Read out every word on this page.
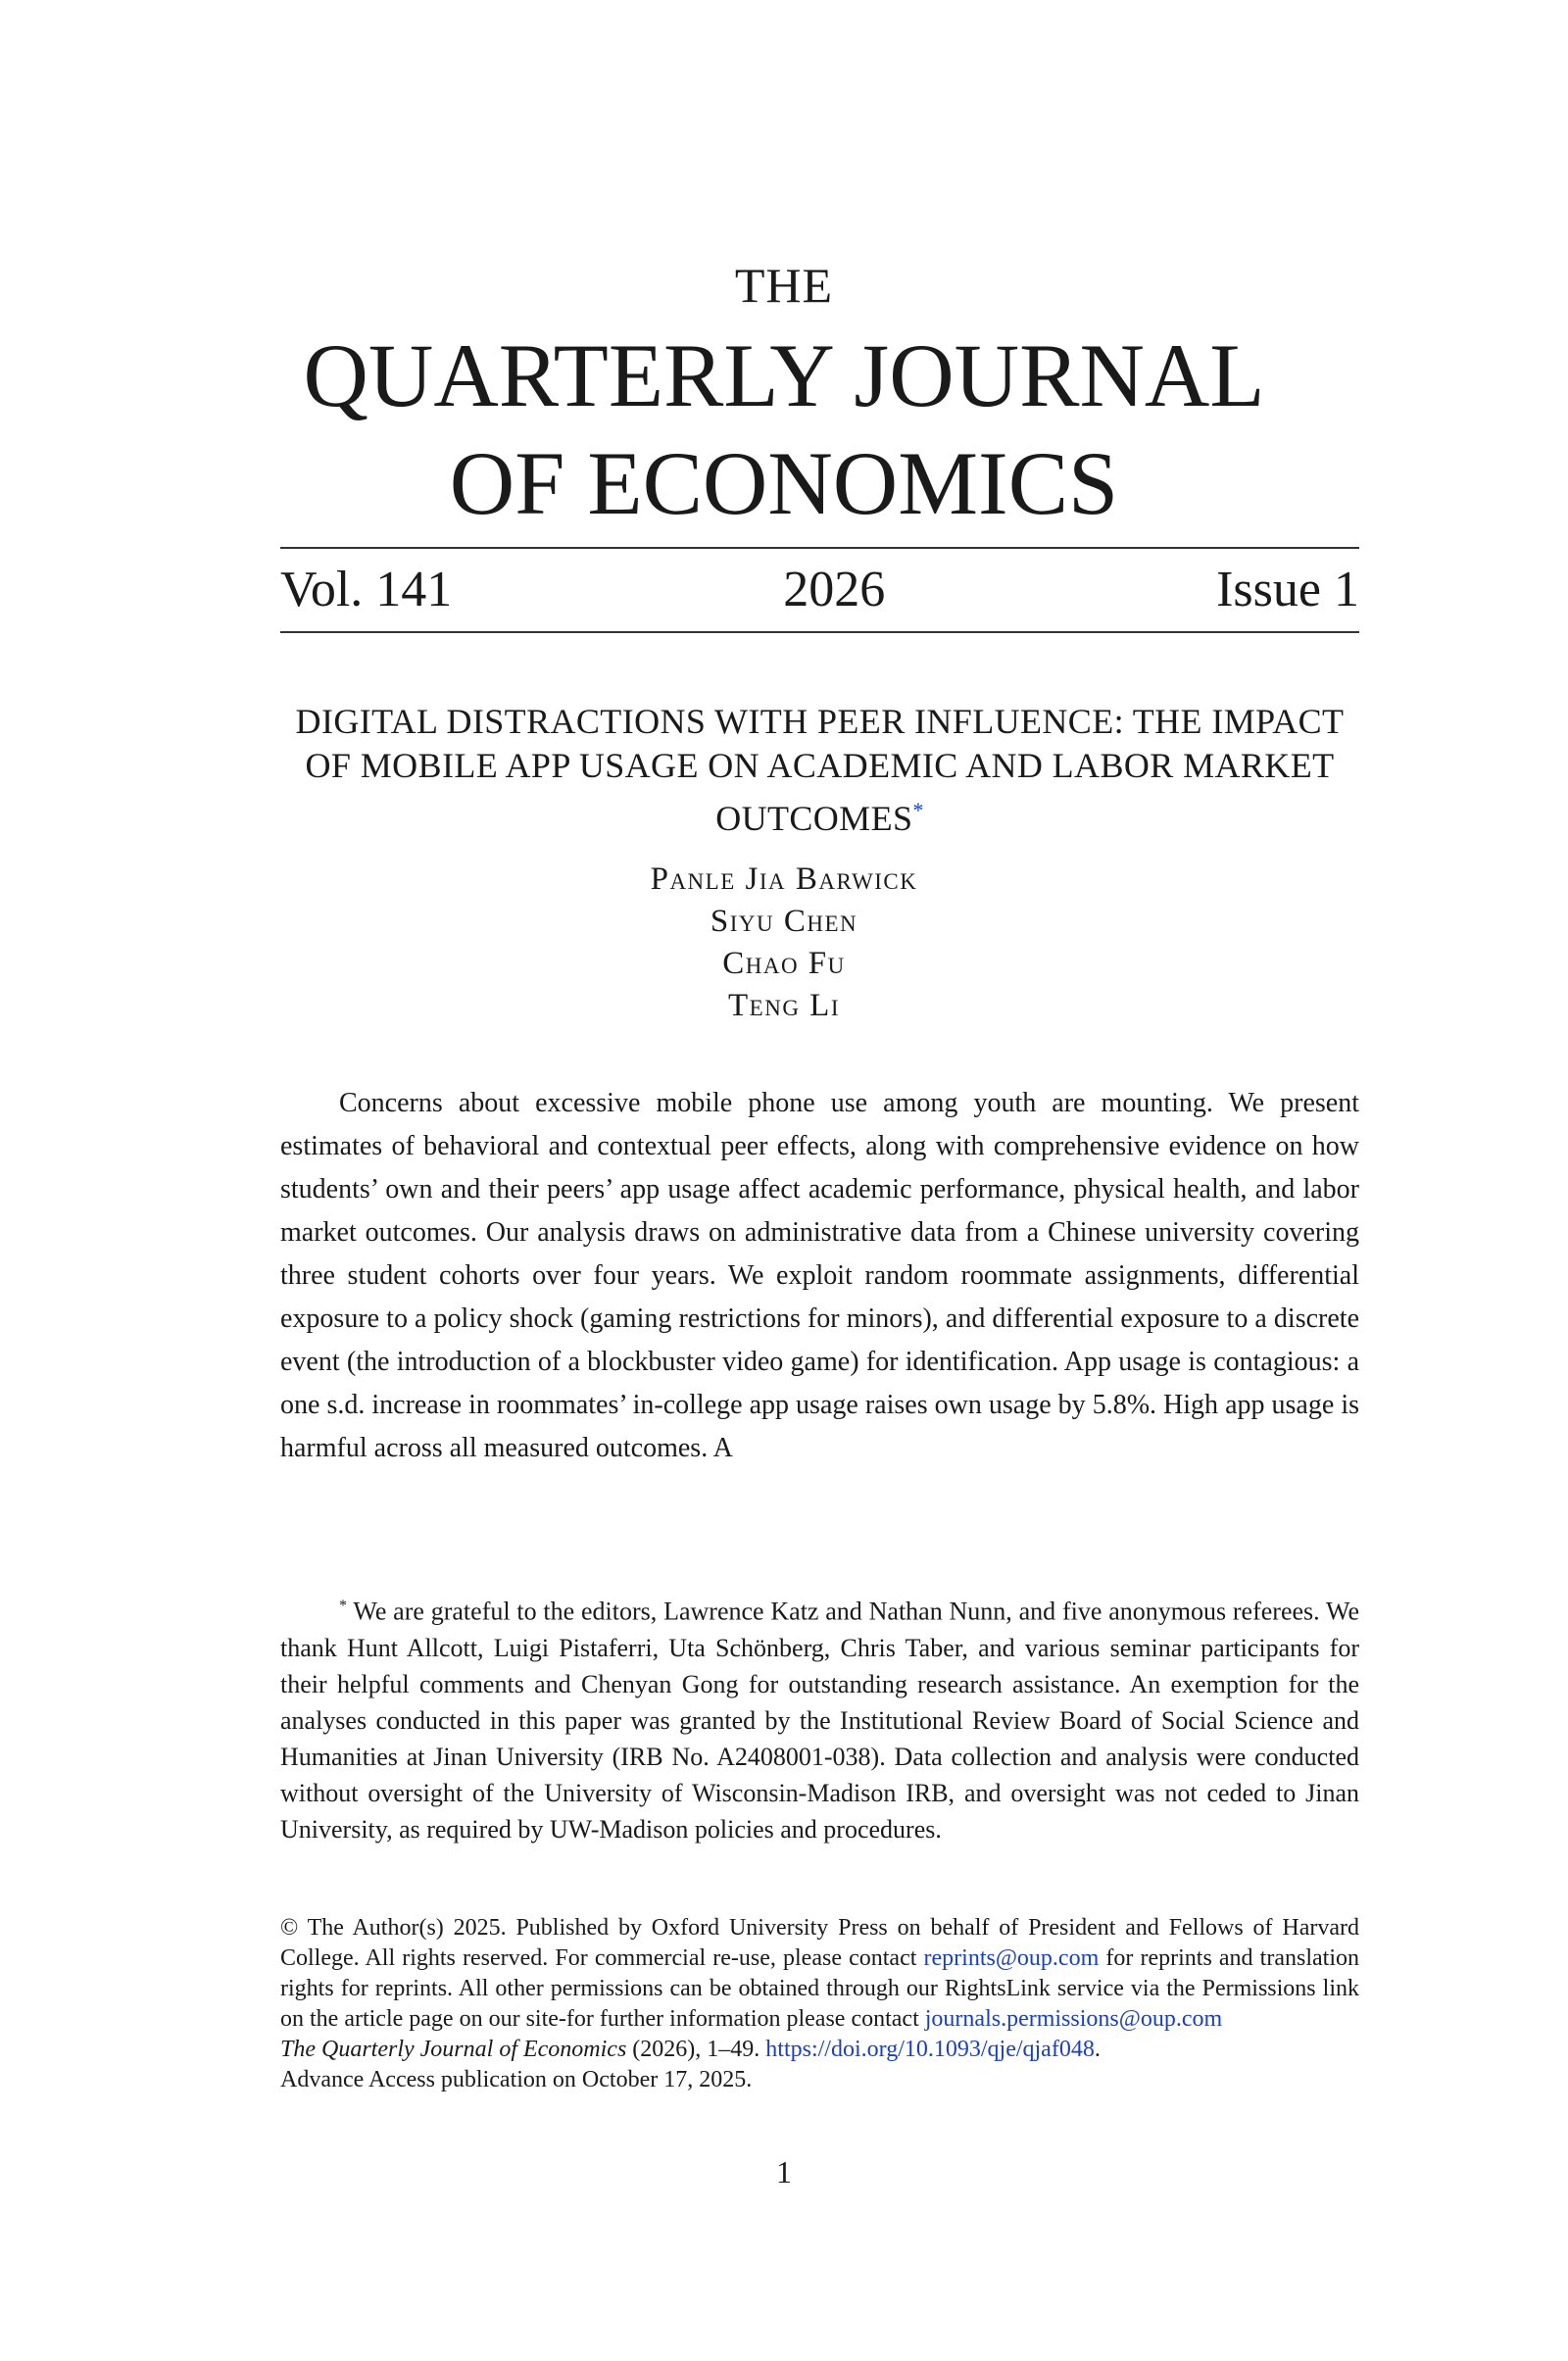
THE
QUARTERLY JOURNAL
OF ECONOMICS
Vol. 141	2026	Issue 1
DIGITAL DISTRACTIONS WITH PEER INFLUENCE: THE IMPACT OF MOBILE APP USAGE ON ACADEMIC AND LABOR MARKET OUTCOMES*
Panle Jia Barwick
Siyu Chen
Chao Fu
Teng Li
Concerns about excessive mobile phone use among youth are mounting. We present estimates of behavioral and contextual peer effects, along with comprehensive evidence on how students’ own and their peers’ app usage affect academic performance, physical health, and labor market outcomes. Our analysis draws on administrative data from a Chinese university covering three student cohorts over four years. We exploit random roommate assignments, differential exposure to a policy shock (gaming restrictions for minors), and differential exposure to a discrete event (the introduction of a blockbuster video game) for identification. App usage is contagious: a one s.d. increase in roommates’ in-college app usage raises own usage by 5.8%. High app usage is harmful across all measured outcomes. A
* We are grateful to the editors, Lawrence Katz and Nathan Nunn, and five anonymous referees. We thank Hunt Allcott, Luigi Pistaferri, Uta Schönberg, Chris Taber, and various seminar participants for their helpful comments and Chenyan Gong for outstanding research assistance. An exemption for the analyses conducted in this paper was granted by the Institutional Review Board of Social Science and Humanities at Jinan University (IRB No. A2408001-038). Data collection and analysis were conducted without oversight of the University of Wisconsin-Madison IRB, and oversight was not ceded to Jinan University, as required by UW-Madison policies and procedures.
© The Author(s) 2025. Published by Oxford University Press on behalf of President and Fellows of Harvard College. All rights reserved. For commercial re-use, please contact reprints@oup.com for reprints and translation rights for reprints. All other permissions can be obtained through our RightsLink service via the Permissions link on the article page on our site-for further information please contact journals.permissions@oup.com
The Quarterly Journal of Economics (2026), 1–49. https://doi.org/10.1093/qje/qjaf048.
Advance Access publication on October 17, 2025.
1
